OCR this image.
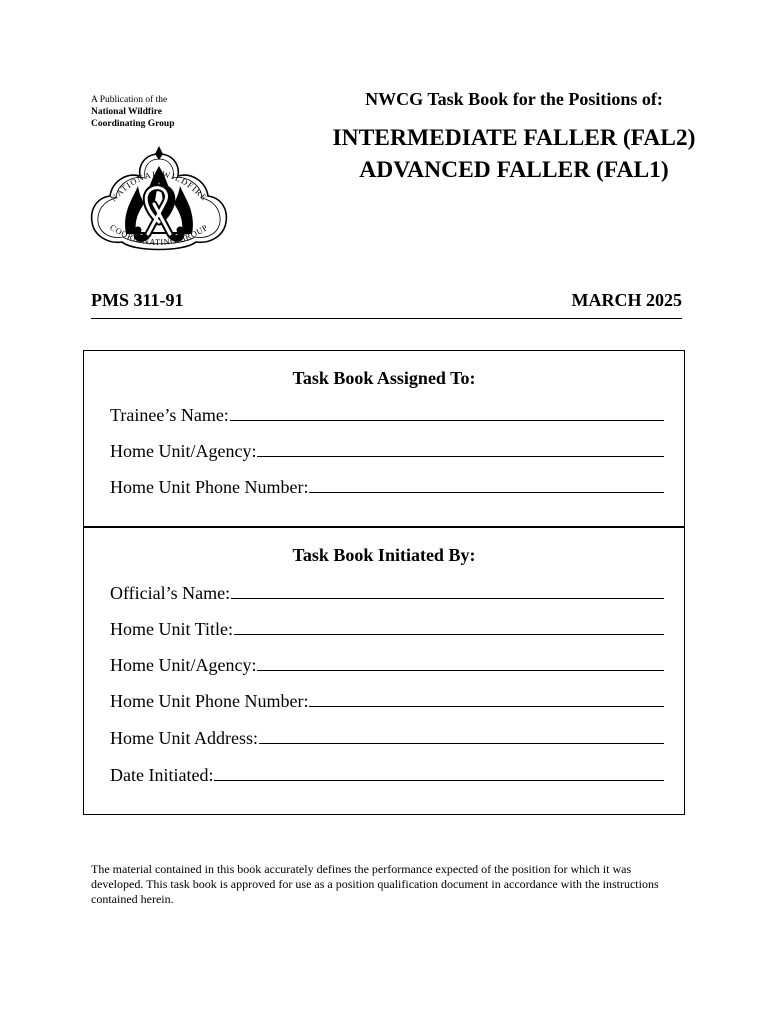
A Publication of the
National Wildfire
Coordinating Group
NATIONAL WILDFIRE
COORDINATING GROUP
NWCG Task Book for the Positions of:
INTERMEDIATE FALLER (FAL2)
ADVANCED FALLER (FAL1)
PMS 311-91	MARCH 2025
Task Book Assigned To:
Trainee’s Name:
Home Unit/Agency:
Home Unit Phone Number:
Task Book Initiated By:
Official’s Name:
Home Unit Title:
Home Unit/Agency:
Home Unit Phone Number:
Home Unit Address:
Date Initiated:
The material contained in this book accurately defines the performance expected of the position for which it was developed. This task book is approved for use as a position qualification document in accordance with the instructions contained herein.
